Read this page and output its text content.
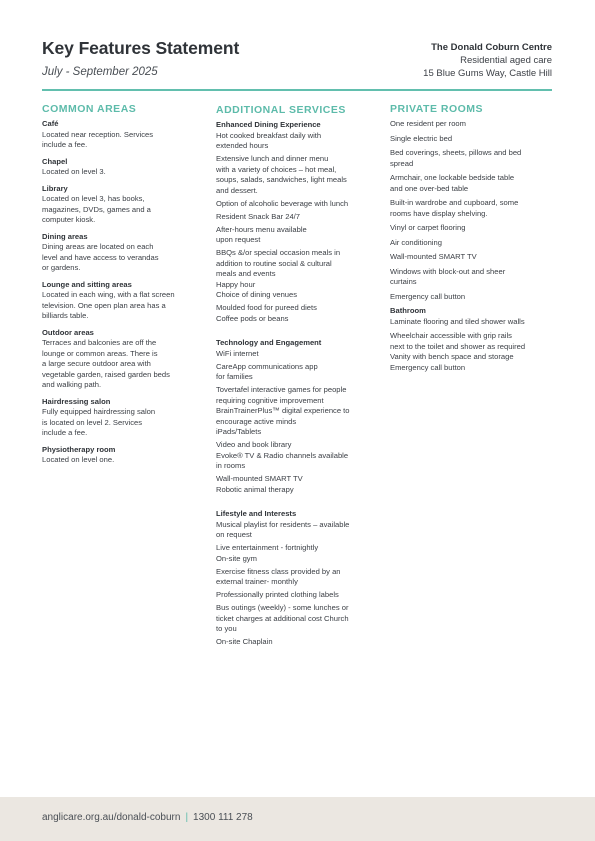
Key Features Statement
July - September 2025
The Donald Coburn Centre
Residential aged care
15 Blue Gums Way, Castle Hill
COMMON AREAS
Café
Located near reception. Services
include a fee.
Chapel
Located on level 3.
Library
Located on level 3, has books,
magazines, DVDs, games and a
computer kiosk.
Dining areas
Dining areas are located on each
level and have access to verandas
or gardens.
Lounge and sitting areas
Located in each wing, with a flat screen
television. One open plan area has a
billiards table.
Outdoor areas
Terraces and balconies are off the
lounge or common areas. There is
a large secure outdoor area with
vegetable garden, raised garden beds
and walking path.
Hairdressing salon
Fully equipped hairdressing salon
is located on level 2. Services
include a fee.
Physiotherapy room
Located on level one.
ADDITIONAL SERVICES
Enhanced Dining Experience
Hot cooked breakfast daily with
extended hours
Extensive lunch and dinner menu
with a variety of choices – hot meal,
soups, salads, sandwiches, light meals
and dessert.
Option of alcoholic beverage with lunch
Resident Snack Bar 24/7
After-hours menu available
upon request
BBQs &/or special occasion meals in
addition to routine social & cultural
meals and events
Happy hour
Choice of dining venues
Moulded food for pureed diets
Coffee pods or beans
Technology and Engagement
WiFi internet
CareApp communications app
for families
Tovertafel interactive games for people
requiring cognitive improvement
BrainTrainerPlus™ digital experience to
encourage active minds
iPads/Tablets
Video and book library
Evoke® TV & Radio channels available
in rooms
Wall-mounted SMART TV
Robotic animal therapy
Lifestyle and Interests
Musical playlist for residents – available
on request
Live entertainment - fortnightly
On-site gym
Exercise fitness class provided by an
external trainer- monthly
Professionally printed clothing labels
Bus outings (weekly) - some lunches or
ticket charges at additional cost Church
to you
On-site Chaplain
PRIVATE ROOMS
One resident per room
Single electric bed
Bed coverings, sheets, pillows and bed
spread
Armchair, one lockable bedside table
and one over-bed table
Built-in wardrobe and cupboard, some
rooms have display shelving.
Vinyl or carpet flooring
Air conditioning
Wall-mounted SMART TV
Windows with block-out and sheer
curtains
Emergency call button
Bathroom
Laminate flooring and tiled shower walls
Wheelchair accessible with grip rails
next to the toilet and shower as required
Vanity with bench space and storage
Emergency call button
anglicare.org.au/donald-coburn | 1300 111 278
